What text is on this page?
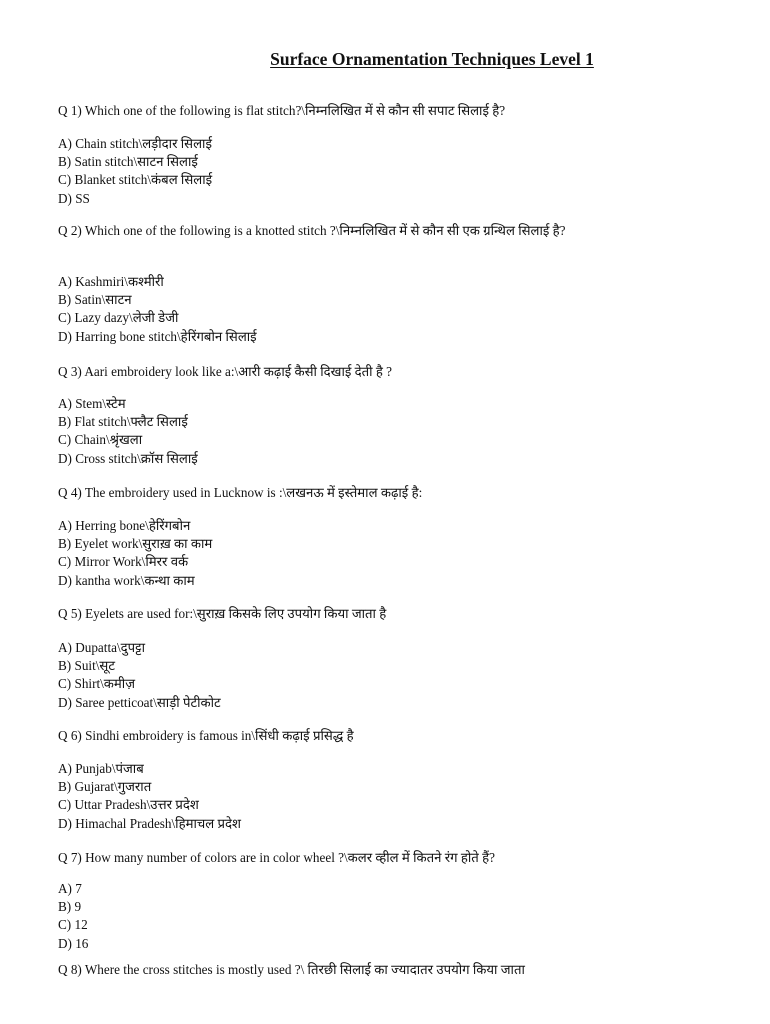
Surface Ornamentation Techniques Level 1
Q 1) Which one of the following is flat stitch?\निम्नलिखित में से कौन सी सपाट सिलाई है?
A) Chain stitch\लड़ीदार सिलाई
B) Satin stitch\साटन सिलाई
C) Blanket stitch\कंबल सिलाई
D) SS
Q 2) Which one of the following is a knotted stitch ?\निम्नलिखित में से कौन सी एक ग्रन्थिल सिलाई है?
A) Kashmiri\कश्मीरी
B) Satin\साटन
C) Lazy dazy\लेजी डेजी
D) Harring bone stitch\हेरिंगबोन सिलाई
Q 3) Aari embroidery look like a:\आरी कढ़ाई कैसी दिखाई देती है ?
A) Stem\स्टेम
B) Flat stitch\फ्लैट सिलाई
C) Chain\श्रृंखला
D) Cross stitch\क्रॉस सिलाई
Q 4) The embroidery used in Lucknow is :\लखनऊ में इस्तेमाल कढ़ाई है:
A) Herring bone\हेरिंगबोन
B) Eyelet work\सुराख़ का काम
C) Mirror Work\मिरर वर्क
D) kantha work\कन्था काम
Q 5) Eyelets are used for:\सुराख़ किसके लिए उपयोग किया जाता है
A) Dupatta\दुपट्टा
B) Suit\सूट
C) Shirt\कमीज़
D) Saree petticoat\साड़ी पेटीकोट
Q 6) Sindhi embroidery is famous in\सिंधी कढ़ाई प्रसिद्ध है
A) Punjab\पंजाब
B) Gujarat\गुजरात
C) Uttar Pradesh\उत्तर प्रदेश
D) Himachal Pradesh\हिमाचल प्रदेश
Q 7) How many number of colors are in color wheel ?\कलर व्हील में कितने रंग होते हैं?
A) 7
B) 9
C) 12
D) 16
Q 8) Where the cross stitches is mostly used ?\ तिरछी सिलाई का ज्यादातर उपयोग किया जाता
